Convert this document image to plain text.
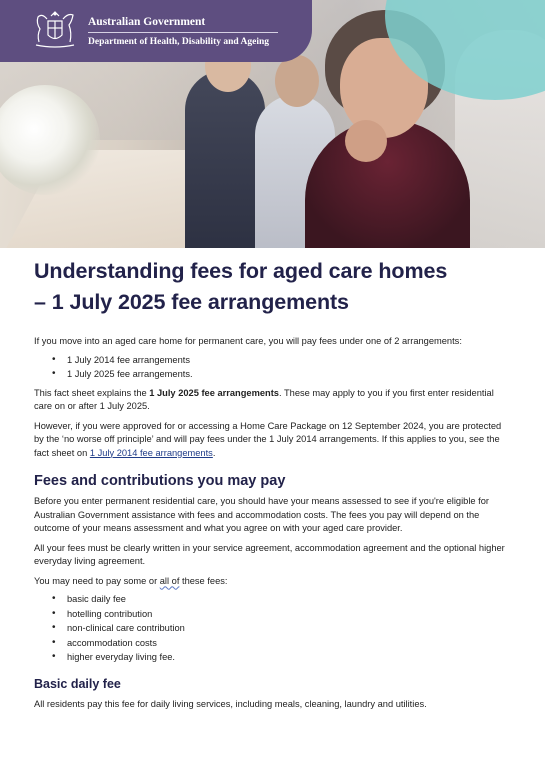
Australian Government
Department of Health, Disability and Ageing
Understanding fees for aged care homes
– 1 July 2025 fee arrangements

If you move into an aged care home for permanent care, you will pay fees under one of 2 arrangements:

• 1 July 2014 fee arrangements
• 1 July 2025 fee arrangements.

This fact sheet explains the 1 July 2025 fee arrangements. These may apply to you if you first enter residential care on or after 1 July 2025.

However, if you were approved for or accessing a Home Care Package on 12 September 2024, you are protected by the ‘no worse off principle’ and will pay fees under the 1 July 2014 arrangements. If this applies to you, see the fact sheet on 1 July 2014 fee arrangements.

Fees and contributions you may pay

Before you enter permanent residential care, you should have your means assessed to see if you're eligible for Australian Government assistance with fees and accommodation costs. The fees you pay will depend on the outcome of your means assessment and what you agree on with your aged care provider.

All your fees must be clearly written in your service agreement, accommodation agreement and the optional higher everyday living agreement.

You may need to pay some or all of these fees:

• basic daily fee
• hotelling contribution
• non-clinical care contribution
• accommodation costs
• higher everyday living fee.
Basic daily fee

All residents pay this fee for daily living services, including meals, cleaning, laundry and utilities.
